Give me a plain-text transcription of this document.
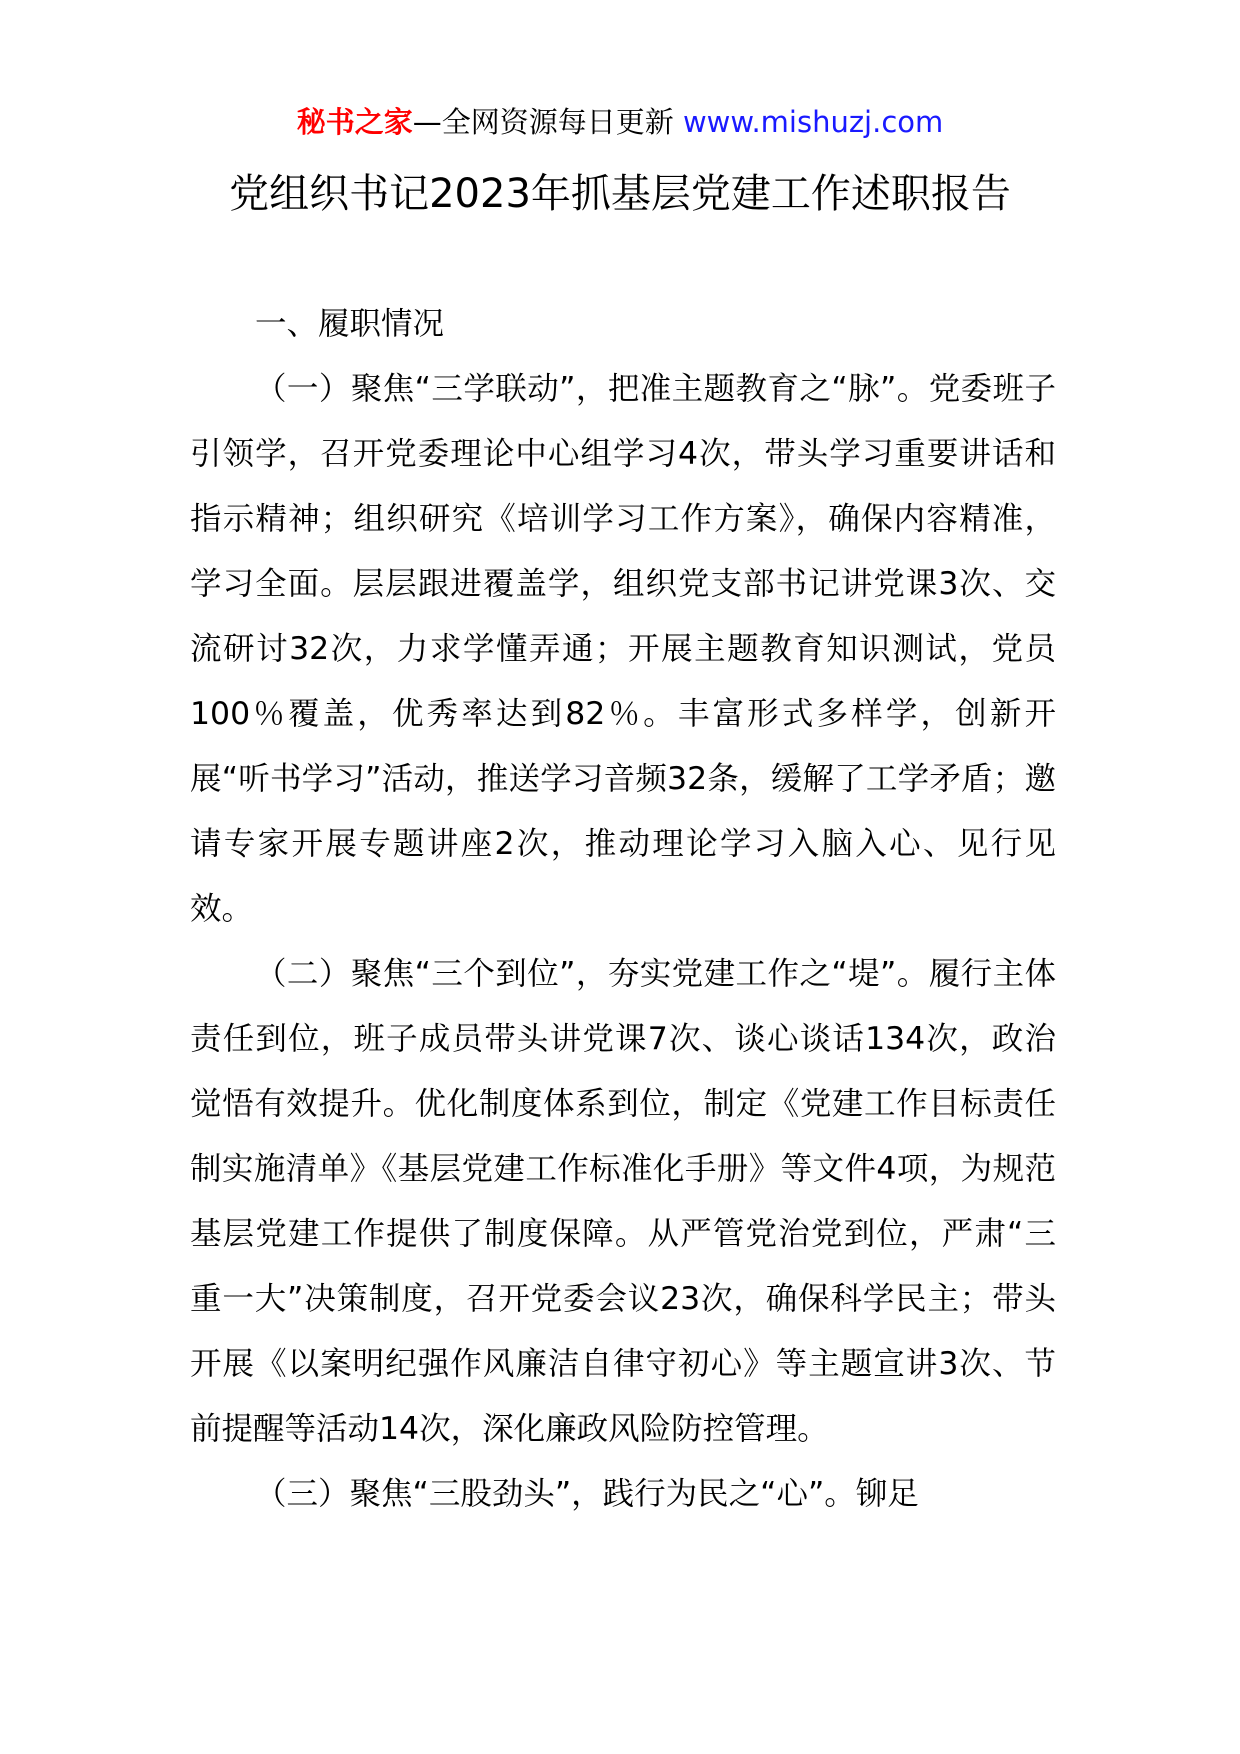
秘书之家—全网资源每日更新 www.mishuzj.com
党组织书记2023年抓基层党建工作述职报告

一、履职情况

（一）聚焦“三学联动”，把准主题教育之“脉”。党委班子引领学，召开党委理论中心组学习4次，带头学习重要讲话和指示精神；组织研究《培训学习工作方案》，确保内容精准，学习全面。层层跟进覆盖学，组织党支部书记讲党课3次、交流研讨32次，力求学懂弄通；开展主题教育知识测试，党员100％覆盖，优秀率达到82％。丰富形式多样学，创新开展“听书学习”活动，推送学习音频32条，缓解了工学矛盾；邀请专家开展专题讲座2次，推动理论学习入脑入心、见行见效。

（二）聚焦“三个到位”，夯实党建工作之“堤”。履行主体责任到位，班子成员带头讲党课7次、谈心谈话134次，政治觉悟有效提升。优化制度体系到位，制定《党建工作目标责任制实施清单》《基层党建工作标准化手册》等文件4项，为规范基层党建工作提供了制度保障。从严管党治党到位，严肃“三重一大”决策制度，召开党委会议23次，确保科学民主；带头开展《以案明纪强作风廉洁自律守初心》等主题宣讲3次、节前提醒等活动14次，深化廉政风险防控管理。

（三）聚焦“三股劲头”，践行为民之“心”。铆足
